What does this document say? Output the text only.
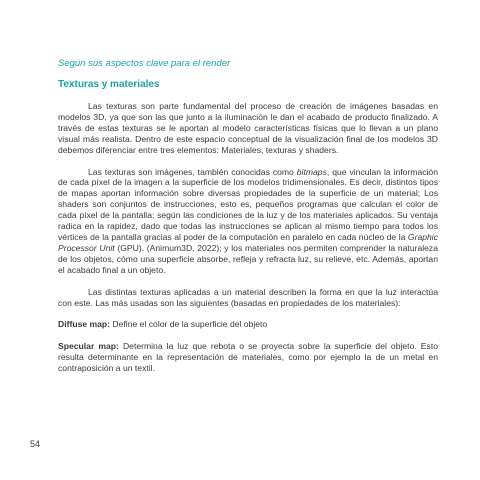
Según sus aspectos clave para el render

Texturas y materiales

Las texturas son parte fundamental del proceso de creación de imágenes basadas en modelos 3D, ya que son las que junto a la iluminación le dan el acabado de producto finalizado. A través de estas texturas se le aportan al modelo características físicas que lo llevan a un plano visual más realista. Dentro de este espacio conceptual de la visualización final de los modelos 3D debemos diferenciar entre tres elementos: Materiales, texturas y shaders.

Las texturas son imágenes, también conocidas como bitmaps, que vinculan la información de cada píxel de la imagen a la superficie de los modelos tridimensionales. Es decir, distintos tipos de mapas aportan información sobre diversas propiedades de la superficie de un material; Los shaders son conjuntos de instrucciones, esto es, pequeños programas que calculan el color de cada píxel de la pantalla; según las condiciones de la luz y de los materiales aplicados. Su ventaja radica en la rapidez, dado que todas las instrucciones se aplican al mismo tiempo para todos los vértices de la pantalla gracias al poder de la computación en paralelo en cada núcleo de la Graphic Processor Unit (GPU). (Animum3D, 2022); y los materiales nos permiten comprender la naturaleza de los objetos, cómo una superficie absorbe, refleja y refracta luz, su relieve, etc. Además, aportan el acabado final a un objeto.

Las distintas texturas aplicadas a un material describen la forma en que la luz interactúa con este. Las más usadas son las siguientes (basadas en propiedades de los materiales):

Diffuse map: Define el color de la superficie del objeto

Specular map: Determina la luz que rebota o se proyecta sobre la superficie del objeto. Esto resulta determinante en la representación de materiales, como por ejemplo la de un metal en contraposición a un textil.

54
